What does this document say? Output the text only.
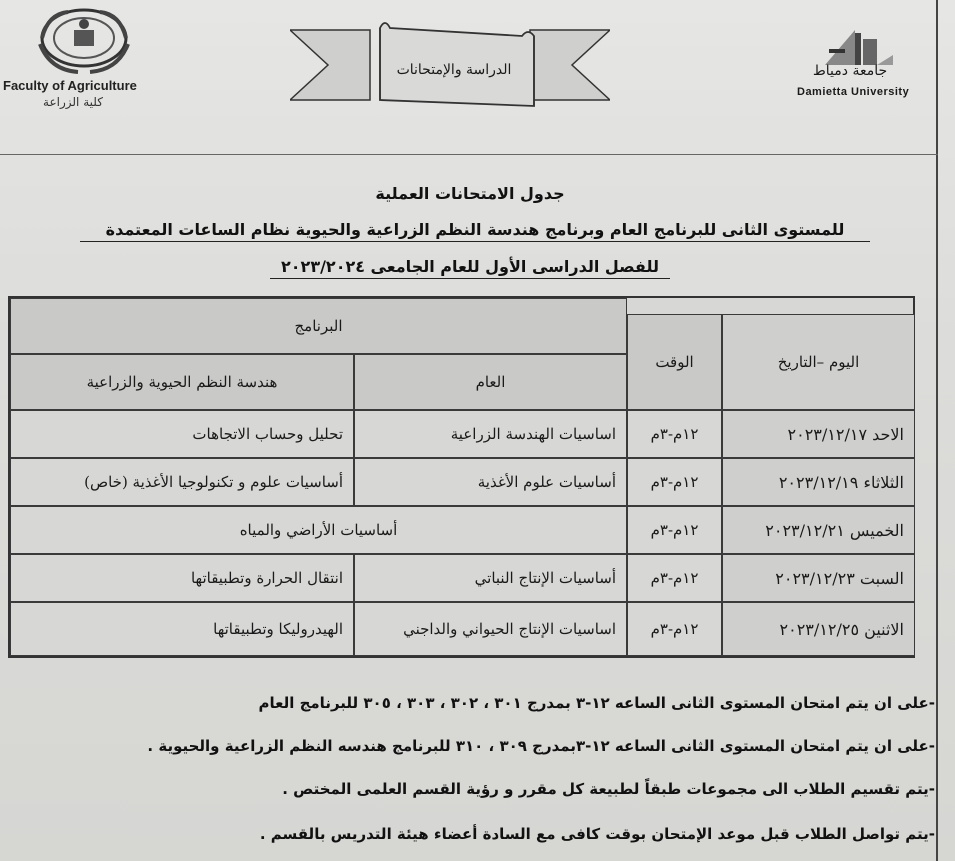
Faculty of Agriculture
كلية الزراعة
الدراسة والإمتحانات	جامعة دمياط
Damietta University
جدول الامتحانات العملية
للمستوى الثانى للبرنامج العام وبرنامج هندسة النظم الزراعية والحيوية نظام الساعات المعتمدة
للفصل الدراسى الأول للعام الجامعى ٢٠٢٣/٢٠٢٤
اليوم –التاريخ
الوقت
البرنامج
العام
هندسة النظم الحيوية والزراعية
الاحد ٢٠٢٣/١٢/١٧
١٢م-٣م
اساسيات الهندسة الزراعية
تحليل وحساب الاتجاهات
الثلاثاء ٢٠٢٣/١٢/١٩
١٢م-٣م
أساسيات علوم الأغذية
أساسيات علوم و تكنولوجيا الأغذية (خاص)
الخميس ٢٠٢٣/١٢/٢١
١٢م-٣م
أساسيات الأراضي والمياه
السبت ٢٠٢٣/١٢/٢٣
١٢م-٣م
أساسيات الإنتاج النباتي
انتقال الحرارة وتطبيقاتها
الاثنين ٢٠٢٣/١٢/٢٥
١٢م-٣م
اساسيات الإنتاج الحيواني والداجني
الهيدروليكا وتطبيقاتها
-على ان يتم امتحان المستوى الثانى الساعه ١٢-٣ بمدرج ٣٠١ ، ٣٠٢ ، ٣٠٣ ، ٣٠٥ للبرنامج العام
-على ان يتم امتحان المستوى الثانى الساعه ١٢-٣بمدرج ٣٠٩ ، ٣١٠ للبرنامج هندسه النظم الزراعية والحيوية .
-يتم تقسيم الطلاب الى مجموعات طبقاً لطبيعة كل مقرر و رؤية القسم العلمى المختص .
-يتم تواصل الطلاب قبل موعد الإمتحان بوقت كافى مع السادة أعضاء هيئة التدريس بالقسم .
